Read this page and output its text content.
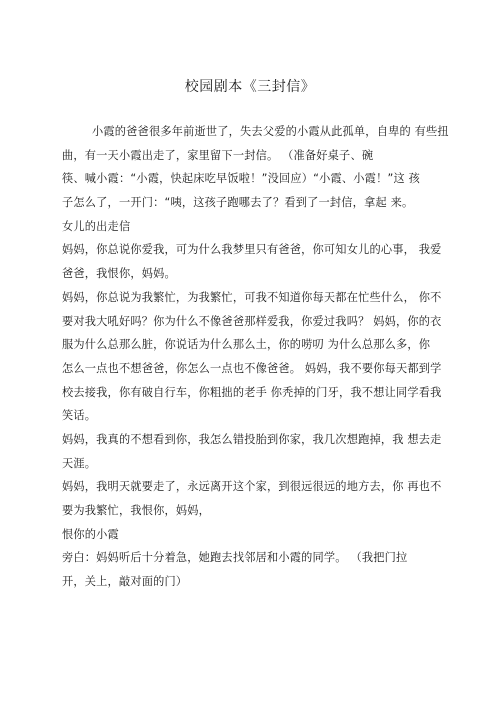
校园剧本《三封信》
小霞的爸爸很多年前逝世了，失去父爱的小霞从此孤单，自卑的 有些扭
曲，有一天小霞出走了，家里留下一封信。 （准备好桌子、碗
筷、喊小霞：“小霞，快起床吃早饭啦！”没回应）“小霞、小霞！”这 孩
子怎么了，一开门：“咦，这孩子跑哪去了？看到了一封信，拿起 来。
女儿的出走信
妈妈，你总说你爱我，可为什么我梦里只有爸爸，你可知女儿的心事， 我爱
爸爸，我恨你，妈妈。
妈妈，你总说为我繁忙，为我繁忙，可我不知道你每天都在忙些什么， 你不
要对我大吼好吗？你为什么不像爸爸那样爱我，你爱过我吗？ 妈妈，你的衣
服为什么总那么脏，你说话为什么那么土，你的唠叨 为什么总那么多，你
怎么一点也不想爸爸，你怎么一点也不像爸爸。 妈妈，我不要你每天都到学
校去接我，你有破自行车，你粗拙的老手 你秃掉的门牙，我不想让同学看我
笑话。
妈妈，我真的不想看到你，我怎么错投胎到你家，我几次想跑掉，我 想去走
天涯。
妈妈，我明天就要走了，永远离开这个家，到很远很远的地方去，你 再也不
要为我繁忙，我恨你，妈妈，
恨你的小霞
旁白：妈妈听后十分着急，她跑去找邻居和小霞的同学。 （我把门拉
开，关上，敲对面的门）
